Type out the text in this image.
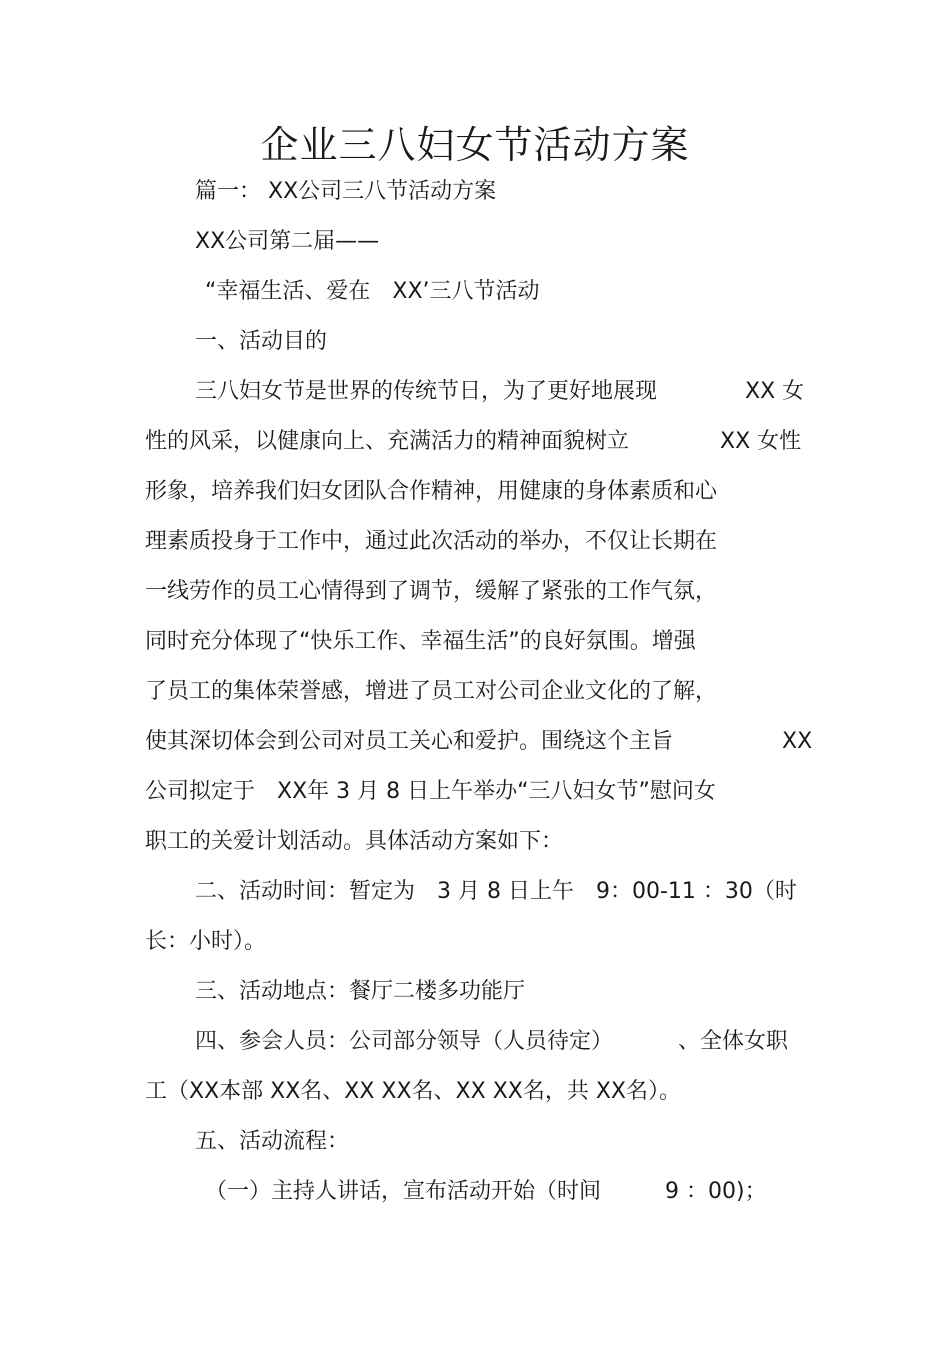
企业三八妇女节活动方案
篇一： XX公司三八节活动方案
XX公司第二届——
“幸福生活、爱在　XX’三八节活动
一、活动目的
三八妇女节是世界的传统节日，为了更好地展现	XX 女
性的风采，以健康向上、充满活力的精神面貌树立	XX 女性
形象，培养我们妇女团队合作精神，用健康的身体素质和心
理素质投身于工作中，通过此次活动的举办，不仅让长期在
一线劳作的员工心情得到了调节，缓解了紧张的工作气氛，
同时充分体现了“快乐工作、幸福生活”的良好氛围。增强
了员工的集体荣誉感，增进了员工对公司企业文化的了解，
使其深切体会到公司对员工关心和爱护。围绕这个主旨	XX
公司拟定于　XX年 3 月 8 日上午举办“三八妇女节”慰问女
职工的关爱计划活动。具体活动方案如下：
二、活动时间：暂定为　3 月 8 日上午　9：00-11 ：30（时
长：小时）。
三、活动地点：餐厅二楼多功能厅
四、参会人员：公司部分领导（人员待定）	、全体女职
工（XX本部 XX名、XX XX名、XX XX名，共 XX名）。
五、活动流程：
（一）主持人讲话，宣布活动开始（时间	9 ：00)；
